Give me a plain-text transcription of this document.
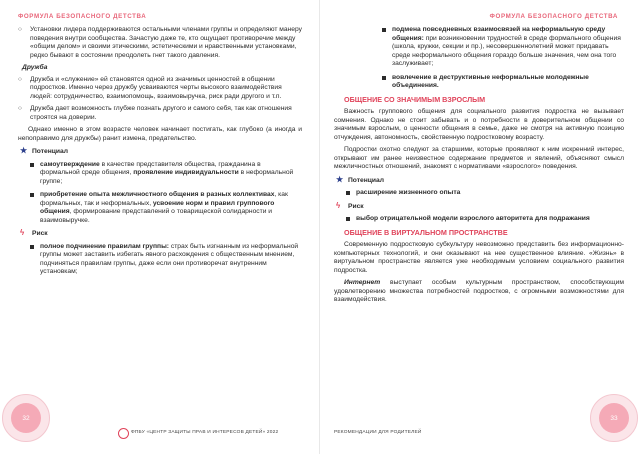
ФОРМУЛА БЕЗОПАСНОГО ДЕТСТВА
○ Установки лидера поддерживаются остальными членами группы и определяют манеру поведения внутри сообщества. Зачастую даже те, кто ощущает противоречие между «общим делом» и своими этическими, эстетическими и нравственными установками, редко бывают в состоянии преодолеть гнет такого давления.
Дружба
○ Дружба и «служение» ей становятся одной из значимых ценностей в общении подростков. Именно через дружбу усваиваются черты высокого взаимодействия людей: сотрудничество, взаимопомощь, взаимовыручка, риск ради другого и т.п.
○ Дружба дает возможность глубже познать другого и самого себя, так как отношения строятся на доверии.

Однако именно в этом возрасте человек начинает постигать, как глубоко (а иногда и непоправимо для дружбы) ранит измена, предательство.

★ Потенциал
самоутверждение в качестве представителя общества, гражданина в формальной среде общения, проявление индивидуальности в неформальной группе;
приобретение опыта межличностного общения в разных коллективах, как формальных, так и неформальных, усвоение норм и правил группового общения, формирование представлений о товарищеской солидарности и взаимовыручке.
ϟ Риск
полное подчинение правилам группы: страх быть изгнанным из неформальной группы может заставить избегать явного расхождения с общественным мнением, подчиняться правилам группы, даже если они противоречат внутренним установкам;
32
ФПБУ «ЦЕНТР ЗАЩИТЫ ПРАВ И ИНТЕРЕСОВ ДЕТЕЙ» 2022
ФОРМУЛА БЕЗОПАСНОГО ДЕТСТВА
подмена повседневных взаимосвязей на неформальную среду общения: при возникновении трудностей в среде формального общения (школа, кружки, секции и пр.), несовершеннолетний может придавать среде неформального общения гораздо больше значения, чем она того заслуживает;
вовлечение в деструктивные неформальные молодежные объединения.
ОБЩЕНИЕ СО ЗНАЧИМЫМ ВЗРОСЛЫМ

Важность группового общения для социального развития подростка не вызывает сомнения. Однако не стоит забывать и о потребности в доверительном общении со значимым взрослым, о ценности общения в семье, даже не смотря на активную позицию отчуждения, автономность, свойственную подростковому возрасту.

Подростки охотно следуют за старшими, которые проявляют к ним искренний интерес, открывают им ранее неизвестное содержание предметов и явлений, объясняют смысл межличностных отношений, знакомят с нормативами «взрослого» поведения.

★ Потенциал
расширение жизненного опыта
ϟ Риск
выбор отрицательной модели взрослого авторитета для подражания
ОБЩЕНИЕ В ВИРТУАЛЬНОМ ПРОСТРАНСТВЕ

Современную подростковую субкультуру невозможно представить без информационно-компьютерных технологий, и они оказывают на нее существенное влияние. «Жизнь» в виртуальном пространстве является уже необходимым условием социального развития подростка.

Интернет выступает особым культурным пространством, способствующим удовлетворению множества потребностей подростков, с огромными возможностями для взаимодействия.

РЕКОМЕНДАЦИИ ДЛЯ РОДИТЕЛЕЙ
33
